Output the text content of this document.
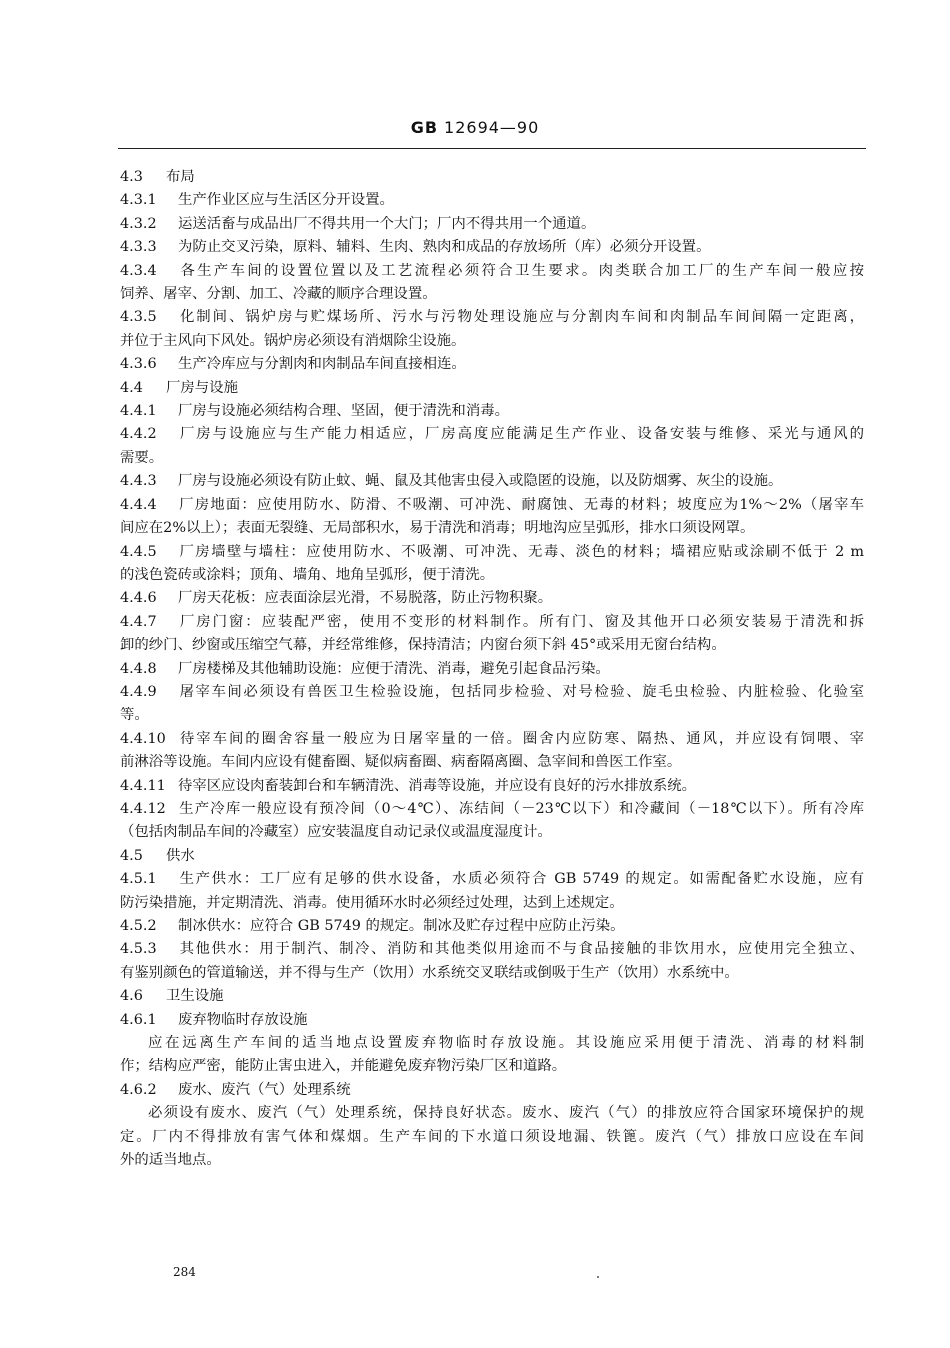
GB 12694—90
4.3 布局
4.3.1 生产作业区应与生活区分开设置。
4.3.2 运送活畜与成品出厂不得共用一个大门；厂内不得共用一个通道。
4.3.3 为防止交叉污染，原料、辅料、生肉、熟肉和成品的存放场所（库）必须分开设置。
4.3.4 各生产车间的设置位置以及工艺流程必须符合卫生要求。肉类联合加工厂的生产车间一般应按
饲养、屠宰、分割、加工、冷藏的顺序合理设置。
4.3.5 化制间、锅炉房与贮煤场所、污水与污物处理设施应与分割肉车间和肉制品车间间隔一定距离，
并位于主风向下风处。锅炉房必须设有消烟除尘设施。
4.3.6 生产冷库应与分割肉和肉制品车间直接相连。
4.4 厂房与设施
4.4.1 厂房与设施必须结构合理、坚固，便于清洗和消毒。
4.4.2 厂房与设施应与生产能力相适应，厂房高度应能满足生产作业、设备安装与维修、采光与通风的
需要。
4.4.3 厂房与设施必须设有防止蚊、蝇、鼠及其他害虫侵入或隐匿的设施，以及防烟雾、灰尘的设施。
4.4.4 厂房地面：应使用防水、防滑、不吸潮、可冲洗、耐腐蚀、无毒的材料；坡度应为1%～2%（屠宰车
间应在2%以上）；表面无裂缝、无局部积水，易于清洗和消毒；明地沟应呈弧形，排水口须设网罩。
4.4.5 厂房墙壁与墙柱：应使用防水、不吸潮、可冲洗、无毒、淡色的材料；墙裙应贴或涂刷不低于 2 m
的浅色瓷砖或涂料；顶角、墙角、地角呈弧形，便于清洗。
4.4.6 厂房天花板：应表面涂层光滑，不易脱落，防止污物积聚。
4.4.7 厂房门窗：应装配严密，使用不变形的材料制作。所有门、窗及其他开口必须安装易于清洗和拆
卸的纱门、纱窗或压缩空气幕，并经常维修，保持清洁；内窗台须下斜 45°或采用无窗台结构。
4.4.8 厂房楼梯及其他辅助设施：应便于清洗、消毒，避免引起食品污染。
4.4.9 屠宰车间必须设有兽医卫生检验设施，包括同步检验、对号检验、旋毛虫检验、内脏检验、化验室
等。
4.4.10 待宰车间的圈舍容量一般应为日屠宰量的一倍。圈舍内应防寒、隔热、通风，并应设有饲喂、宰
前淋浴等设施。车间内应设有健畜圈、疑似病畜圈、病畜隔离圈、急宰间和兽医工作室。
4.4.11 待宰区应设肉畜装卸台和车辆清洗、消毒等设施，并应设有良好的污水排放系统。
4.4.12 生产冷库一般应设有预冷间（0～4℃）、冻结间（－23℃以下）和冷藏间（－18℃以下）。所有冷库
（包括肉制品车间的冷藏室）应安装温度自动记录仪或温度湿度计。
4.5 供水
4.5.1 生产供水：工厂应有足够的供水设备，水质必须符合 GB 5749 的规定。如需配备贮水设施，应有
防污染措施，并定期清洗、消毒。使用循环水时必须经过处理，达到上述规定。
4.5.2 制冰供水：应符合 GB 5749 的规定。制冰及贮存过程中应防止污染。
4.5.3 其他供水：用于制汽、制冷、消防和其他类似用途而不与食品接触的非饮用水，应使用完全独立、
有鉴别颜色的管道输送，并不得与生产（饮用）水系统交叉联结或倒吸于生产（饮用）水系统中。
4.6 卫生设施
4.6.1 废弃物临时存放设施
应在远离生产车间的适当地点设置废弃物临时存放设施。其设施应采用便于清洗、消毒的材料制
作；结构应严密，能防止害虫进入，并能避免废弃物污染厂区和道路。
4.6.2 废水、废汽（气）处理系统
必须设有废水、废汽（气）处理系统，保持良好状态。废水、废汽（气）的排放应符合国家环境保护的规
定。厂内不得排放有害气体和煤烟。生产车间的下水道口须设地漏、铁篦。废汽（气）排放口应设在车间
外的适当地点。
284
